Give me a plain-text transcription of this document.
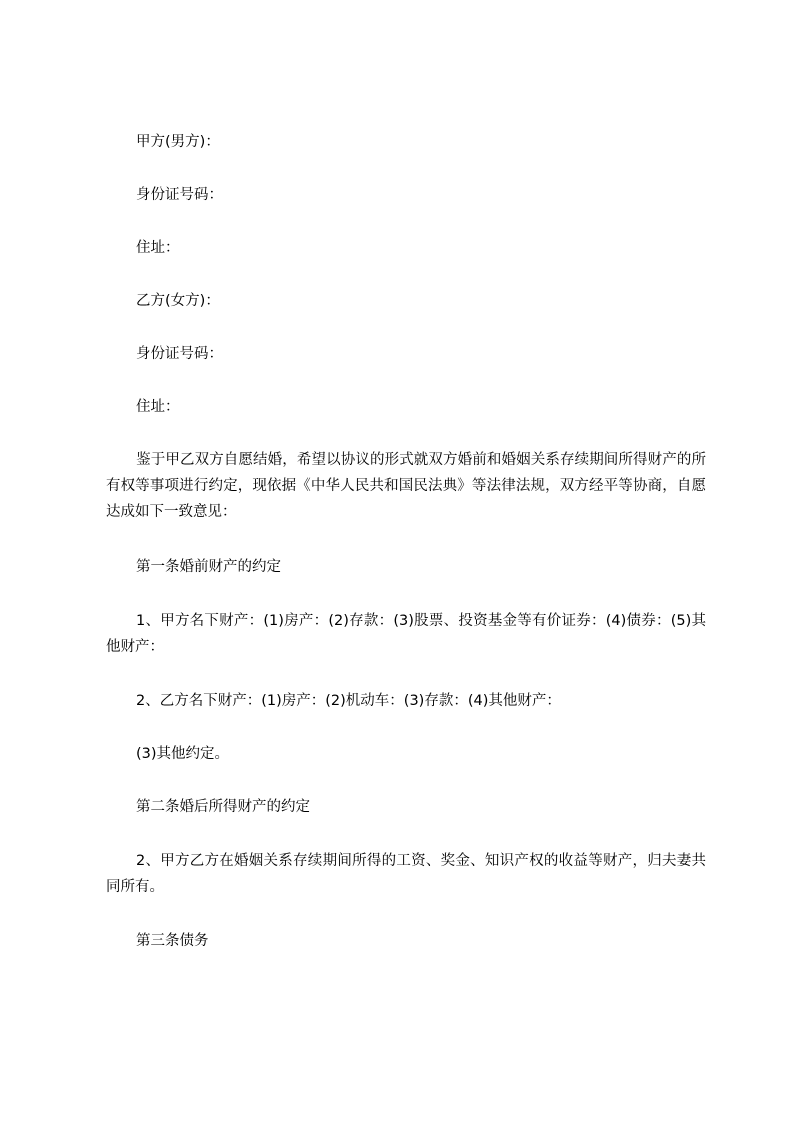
甲方(男方)：
身份证号码：
住址：
乙方(女方)：
身份证号码：
住址：
鉴于甲乙双方自愿结婚，希望以协议的形式就双方婚前和婚姻关系存续期间所得财产的所有权等事项进行约定，现依据《中华人民共和国民法典》等法律法规，双方经平等协商，自愿达成如下一致意见：
第一条婚前财产的约定
1、甲方名下财产：(1)房产：(2)存款：(3)股票、投资基金等有价证券：(4)债券：(5)其他财产：
2、乙方名下财产：(1)房产：(2)机动车：(3)存款：(4)其他财产：
(3)其他约定。
第二条婚后所得财产的约定
2、甲方乙方在婚姻关系存续期间所得的工资、奖金、知识产权的收益等财产，归夫妻共同所有。
第三条债务
